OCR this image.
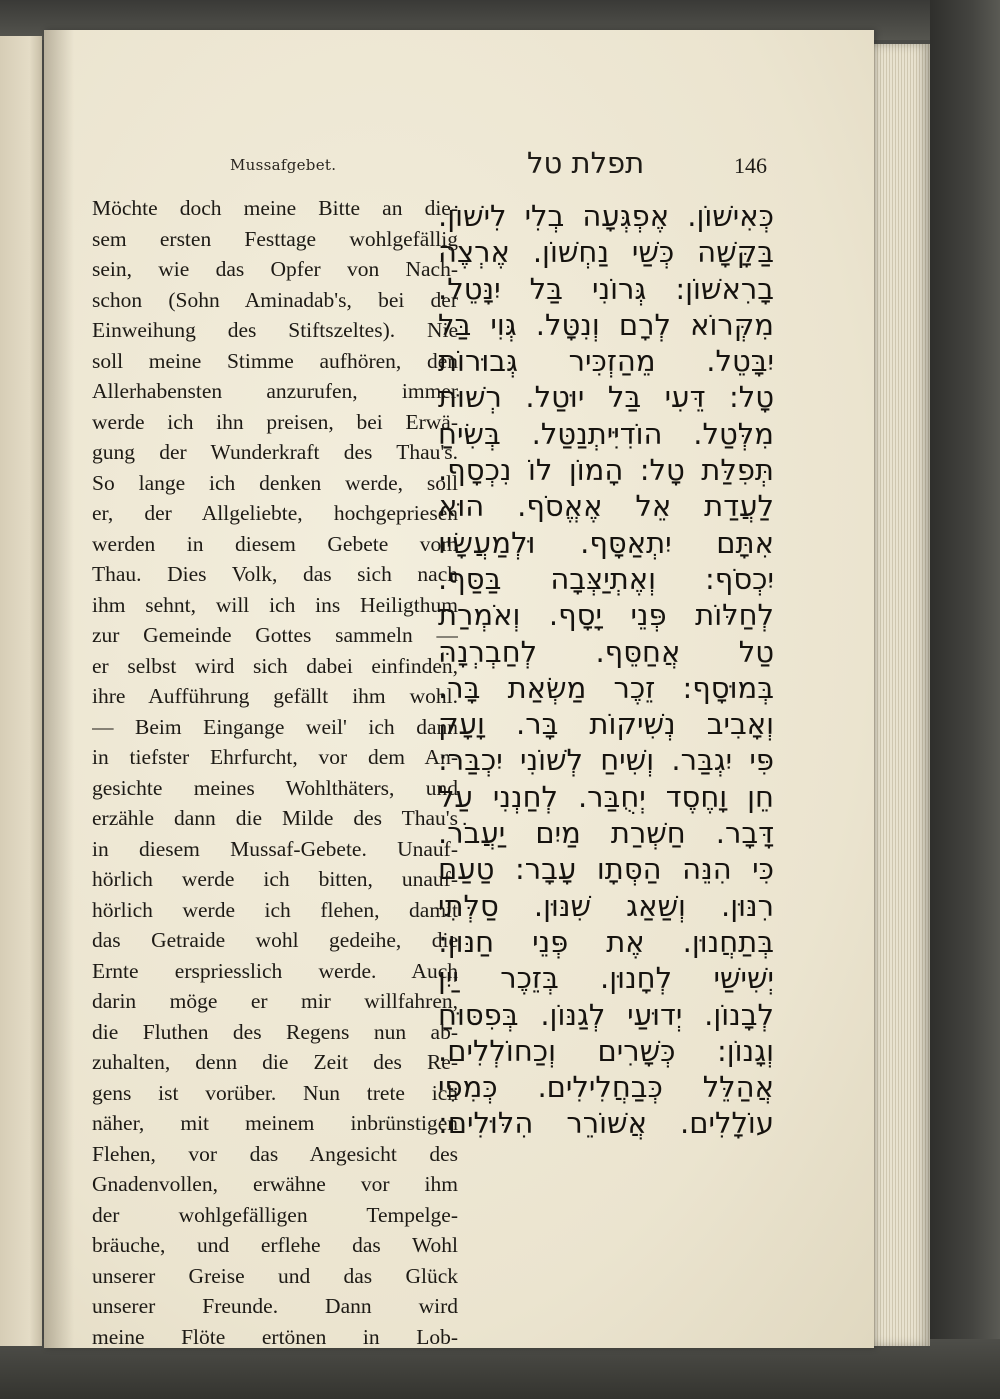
Mussafgebet.	תפלת טל	146
Möchte doch meine Bitte an die-
sem ersten Festtage wohlgefällig
sein, wie das Opfer von Nach-
schon (Sohn Aminadab's, bei der
Einweihung des Stiftszeltes). Nie
soll meine Stimme aufhören, den
Allerhabensten anzurufen, immer
werde ich ihn preisen, bei Erwä-
gung der Wunderkraft des Thau's.
So lange ich denken werde, soll
er, der Allgeliebte, hochgepriesen
werden in diesem Gebete vom
Thau. Dies Volk, das sich nach
ihm sehnt, will ich ins Heiligthum
zur Gemeinde Gottes sammeln —
er selbst wird sich dabei einfinden,
ihre Aufführung gefällt ihm wohl.
— Beim Eingange weil' ich dann
in tiefster Ehrfurcht, vor dem An-
gesichte meines Wohlthäters, und
erzähle dann die Milde des Thau's
in diesem Mussaf-Gebete. Unauf-
hörlich werde ich bitten, unauf-
hörlich werde ich flehen, damit
das Getraide wohl gedeihe, die
Ernte erspriesslich werde. Auch
darin möge er mir willfahren,
die Fluthen des Regens nun ab-
zuhalten, denn die Zeit des Re-
gens ist vorüber. Nun trete ich
näher, mit meinem inbrünstigen
Flehen, vor das Angesicht des
Gnadenvollen, erwähne vor ihm
der wohlgefälligen Tempelge-
bräuche, und erflehe das Wohl
unserer Greise und das Glück
unserer Freunde. Dann wird
meine Flöte ertönen in Lob-
כְּאִישׁוֹן. אֶפְגְּעָה בְלִי לִישׁוֹן.
בַּקָּשָׁה כְּשַׁי נַחְשׁוֹן. אֶרְצֶה
בָרִאשׁוֹן: גְּרוֹנִי בַּל יִנָּטֵל.
מִקְּרוֹא לְרָם וְנִטָּל. גְּוִי בַּל
יִבָּטֵל. מֵהַזְכִּיר גְּבוּרוֹת
טָל: דֵּעִי בַּל יוּטַל. רְשׁוּת
מִלְּטַל. הוֹדִיִּיתְנַטַּל. בְּשִׂיחַ
תְּפִלַּת טָל: הָמוֹן לוֹ נִכְסָף.
לַעֲדַת אֵל אֶאֱסֹף. הוּא
אִתָּם יִתְאַסָּף. וּלְמַעֲשָׂיו
יִכְסֹף: וְאֶתְיַצְּבָה בַּסַּף.
לְחַלּוֹת פְּנֵי יָסָף. וְאֹמְרַת
טַל אֲחַסֵּף. לְחַבְרְנָהּ
בְּמוּסָף: זֵכֶר מַשְׂאַת בָּר.
וְאָבִיב נְשִׁיקוֹת בָּר. וָעָק
פִּי יִגְבַּר. וְשִׁיחַ לְשׁוֹנִי יִכְבַּר:
חֵן וָחֶסֶד יְחֻבַּר. לְחַנְנִי עַל
דָּבָר. חַשְׁרַת מַיִם יַעֲבֹר.
כִּי הִנֵּה הַסְּתָו עָבָר: טַעַם
רִנּוּן. וְשַׁאַג שִׁנּוּן. סַלְּתִי
בְּתַחֲנוּן. אֶת פְּנֵי חַנּוּן:
יְשִׁישַׁי לְחָנוּן. בְּזֵכֶר יַיִן
לְבָנוֹן. יְדוּעַי לְגַנּוֹן. בְּפִסּוּחַ
וְגָנוֹן: כְּשָׁרִים וְכַחוֹלְלִים.
אֲהַלֵּל כְּבַחֲלִילִים. כְּמִפִּי
עוֹלָלִים. אֲשׁוֹרֵר הִלּוּלִים:
